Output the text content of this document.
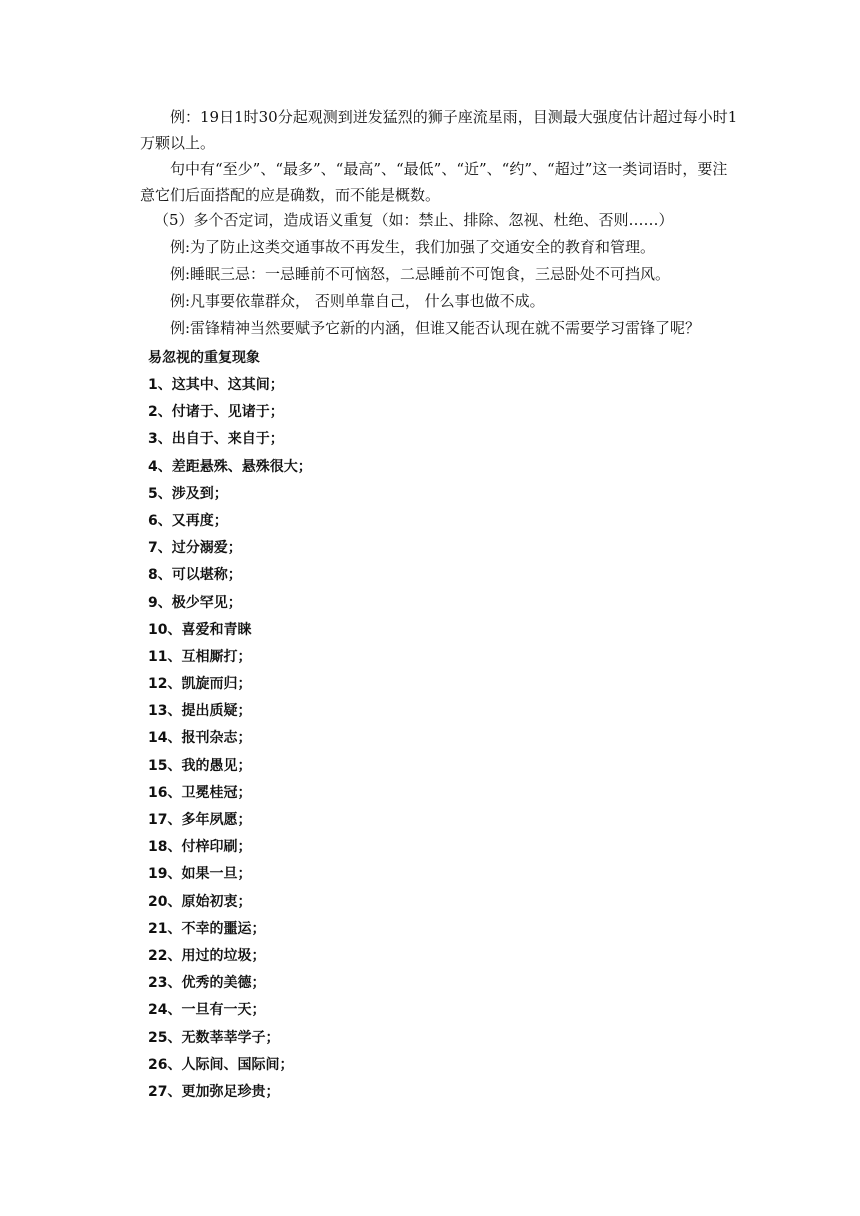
例：19日1时30分起观测到迸发猛烈的狮子座流星雨，目测最大强度估计超过每小时1万颗以上。

句中有“至少”、“最多”、“最高”、“最低”、“近”、“约”、“超过”这一类词语时，要注意它们后面搭配的应是确数，而不能是概数。

（5）多个否定词，造成语义重复（如：禁止、排除、忽视、杜绝、否则……）

例:为了防止这类交通事故不再发生，我们加强了交通安全的教育和管理。

例:睡眠三忌：一忌睡前不可恼怒，二忌睡前不可饱食，三忌卧处不可挡风。

例:凡事要依靠群众， 否则单靠自己， 什么事也做不成。

例:雷锋精神当然要赋予它新的内涵，但谁又能否认现在就不需要学习雷锋了呢？

易忽视的重复现象

1、这其中、这其间；
2、付诸于、见诸于；
3、出自于、来自于；
4、差距悬殊、悬殊很大；
5、涉及到；
6、又再度；
7、过分溺爱；
8、可以堪称；
9、极少罕见；
10、喜爱和青睐
11、互相厮打；
12、凯旋而归；
13、提出质疑；
14、报刊杂志；
15、我的愚见；
16、卫冕桂冠；
17、多年夙愿；
18、付梓印刷；
19、如果一旦；
20、原始初衷；
21、不幸的噩运；
22、用过的垃圾；
23、优秀的美德；
24、一旦有一天；
25、无数莘莘学子；
26、人际间、国际间；
27、更加弥足珍贵；
